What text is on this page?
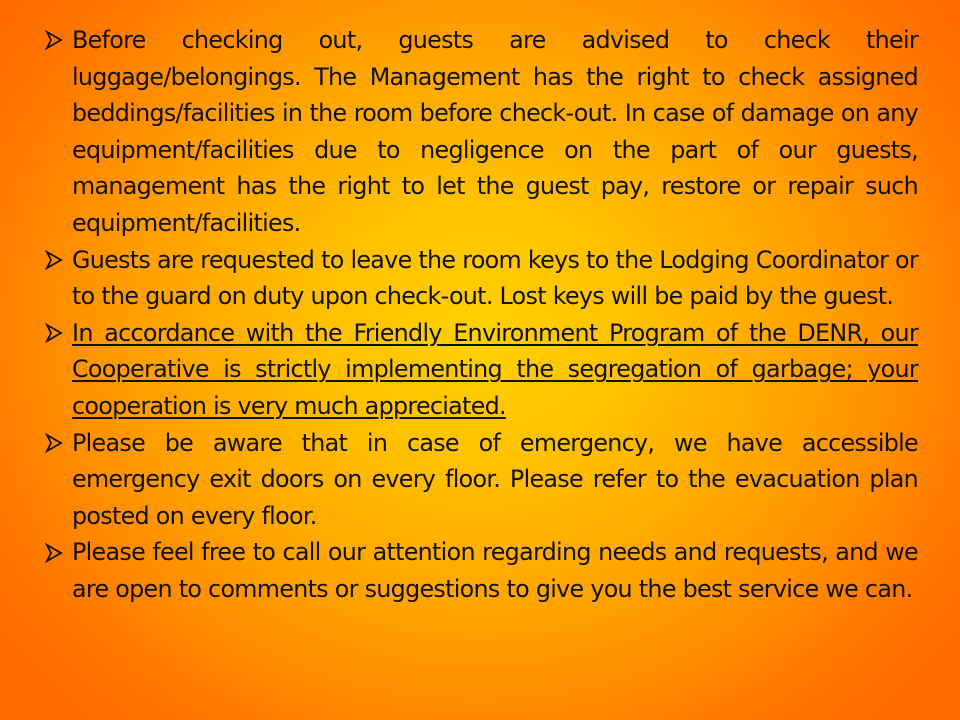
Before checking out, guests are advised to check their luggage/belongings. The Management has the right to check assigned beddings/facilities in the room before check-out. In case of damage on any equipment/facilities due to negligence on the part of our guests, management has the right to let the guest pay, restore or repair such equipment/facilities.
Guests are requested to leave the room keys to the Lodging Coordinator or to the guard on duty upon check-out. Lost keys will be paid by the guest.
In accordance with the Friendly Environment Program of the DENR, our Cooperative is strictly implementing the segregation of garbage; your cooperation is very much appreciated.
Please be aware that in case of emergency, we have accessible emergency exit doors on every floor. Please refer to the evacuation plan posted on every floor.
Please feel free to call our attention regarding needs and requests, and we are open to comments or suggestions to give you the best service we can.
